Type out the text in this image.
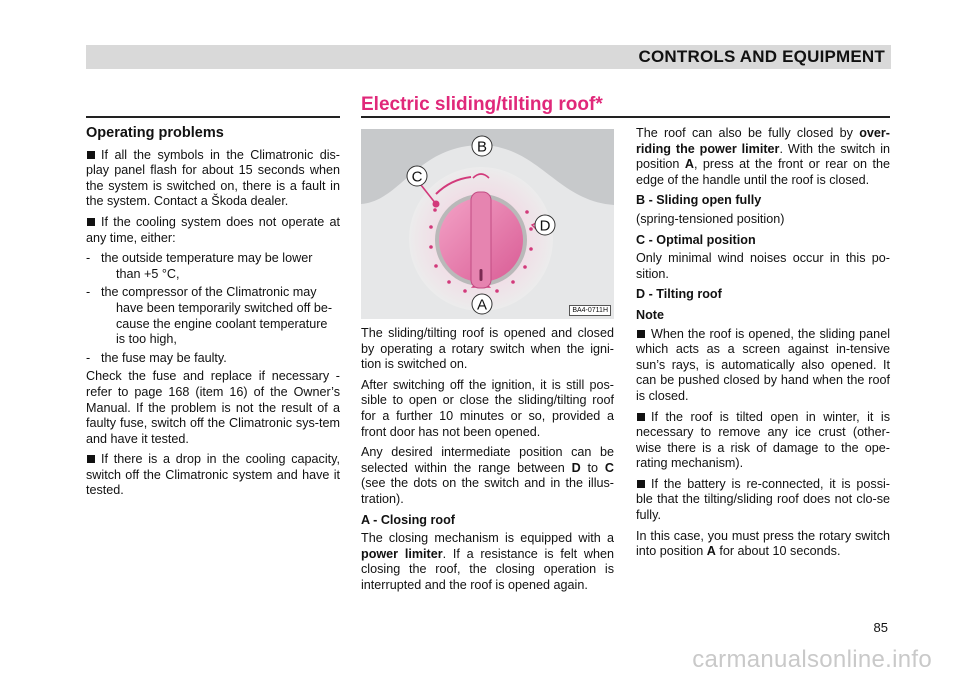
CONTROLS AND EQUIPMENT
Electric sliding/tilting roof*

Operating problems

If all the symbols in the Climatronic dis-play panel flash for about 15 seconds when the system is switched on, there is a fault in the system. Contact a Škoda dealer.

If the cooling system does not operate at any time, either:

- the outside temperature may be lower
than +5 °C,
- the compressor of the Climatronic may
have been temporarily switched off be-
cause the engine coolant temperature
is too high,
- the fuse may be faulty.

Check the fuse and replace if necessary - refer to page 168 (item 16) of the Owner’s Manual. If the problem is not the result of a faulty fuse, switch off the Climatronic sys-tem and have it tested.

If there is a drop in the cooling capacity, switch off the Climatronic system and have it tested.

B
C
D
A	BA4-0711H

The sliding/tilting roof is opened and closed by operating a rotary switch when the igni-tion is switched on.

After switching off the ignition, it is still pos-sible to open or close the sliding/tilting roof for a further 10 minutes or so, provided a front door has not been opened.

Any desired intermediate position can be selected within the range between D to C (see the dots on the switch and in the illus-tration).

A - Closing roof

The closing mechanism is equipped with a power limiter. If a resistance is felt when closing the roof, the closing operation is interrupted and the roof is opened again.

The roof can also be fully closed by over-riding the power limiter. With the switch in position A, press at the front or rear on the edge of the handle until the roof is closed.

B - Sliding open fully

(spring-tensioned position)

C - Optimal position

Only minimal wind noises occur in this po-sition.

D - Tilting roof

Note

When the roof is opened, the sliding panel which acts as a screen against in-tensive sun’s rays, is automatically also opened. It can be pushed closed by hand when the roof is closed.

If the roof is tilted open in winter, it is necessary to remove any ice crust (other-wise there is a risk of damage to the ope-rating mechanism).

If the battery is re-connected, it is possi-ble that the tilting/sliding roof does not clo-se fully.

In this case, you must press the rotary switch into position A for about 10 seconds.

85
carmanualsonline.info
